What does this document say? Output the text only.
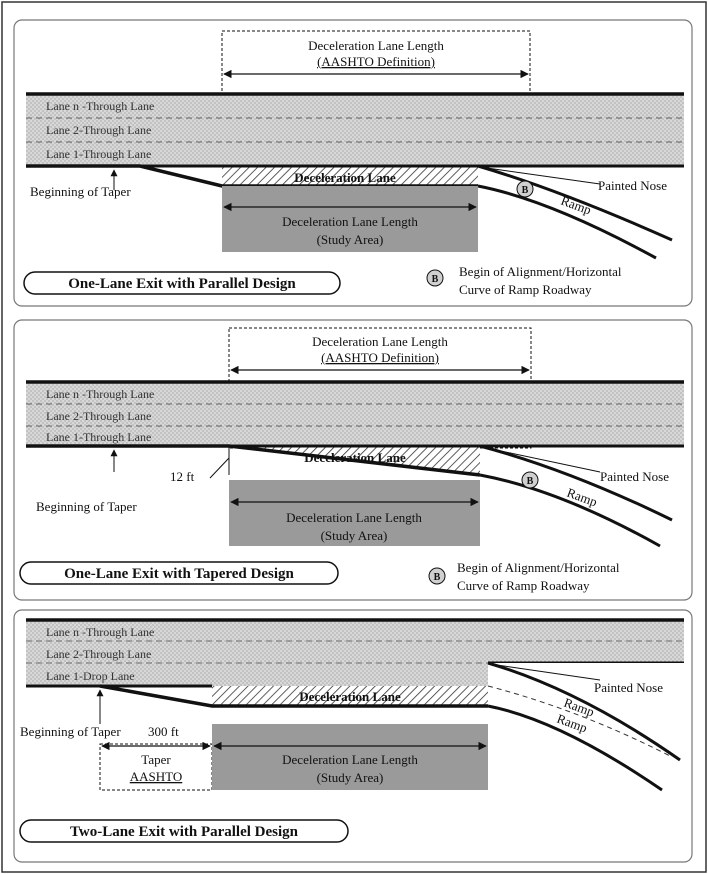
Deceleration Lane Length
(AASHTO Definition)
Lane n -Through Lane
Lane 2-Through Lane
Lane 1-Through Lane
Deceleration Lane
Ramp
Painted Nose
B
Beginning of Taper
Deceleration Lane Length
(Study Area)
One-Lane Exit with Parallel Design	B
Begin of Alignment/Horizontal
Curve of Ramp Roadway
Deceleration Lane Length
(AASHTO Definition)
Lane n -Through Lane
Lane 2-Through Lane
Lane 1-Through Lane
Deceleration Lane
Ramp
Painted Nose
B
12 ft
Beginning of Taper
Deceleration Lane Length
(Study Area)
One-Lane Exit with Tapered Design	B
Begin of Alignment/Horizontal
Curve of Ramp Roadway
Lane n -Through Lane
Lane 2-Through Lane
Lane 1-Drop Lane
Deceleration Lane	Ramp
Ramp
Painted Nose
Beginning of Taper 300 ft
Taper
AASHTO
Deceleration Lane Length
(Study Area)
Two-Lane Exit with Parallel Design
